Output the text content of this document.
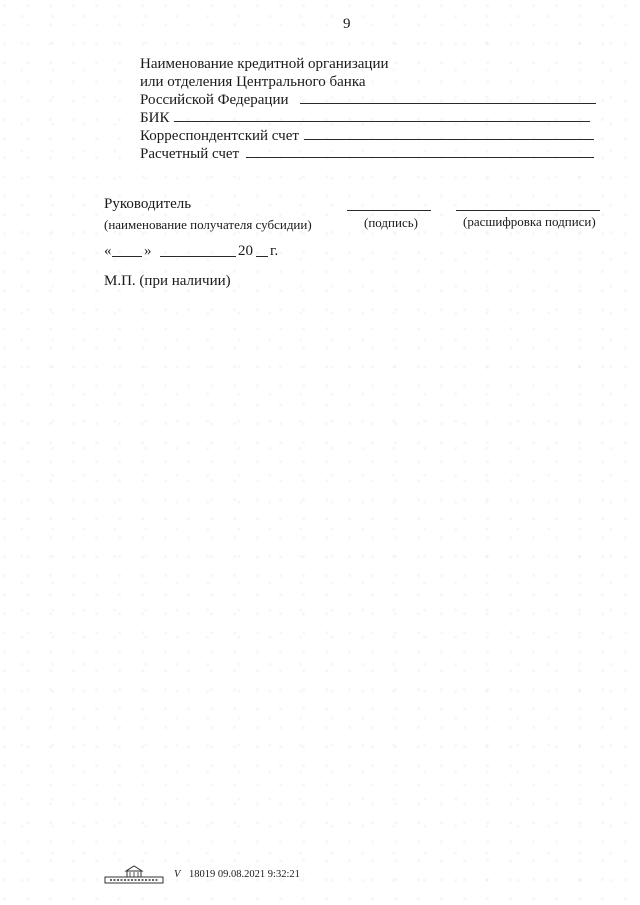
9
Наименование кредитной организации
или отделения Центрального банка
Российской Федерации
БИК
Корреспондентский счет
Расчетный счет
Руководитель
(наименование получателя субсидии)	(подпись)	(расшифровка подписи)
« »	20 г.
М.П. (при наличии)
V 18019 09.08.2021 9:32:21
